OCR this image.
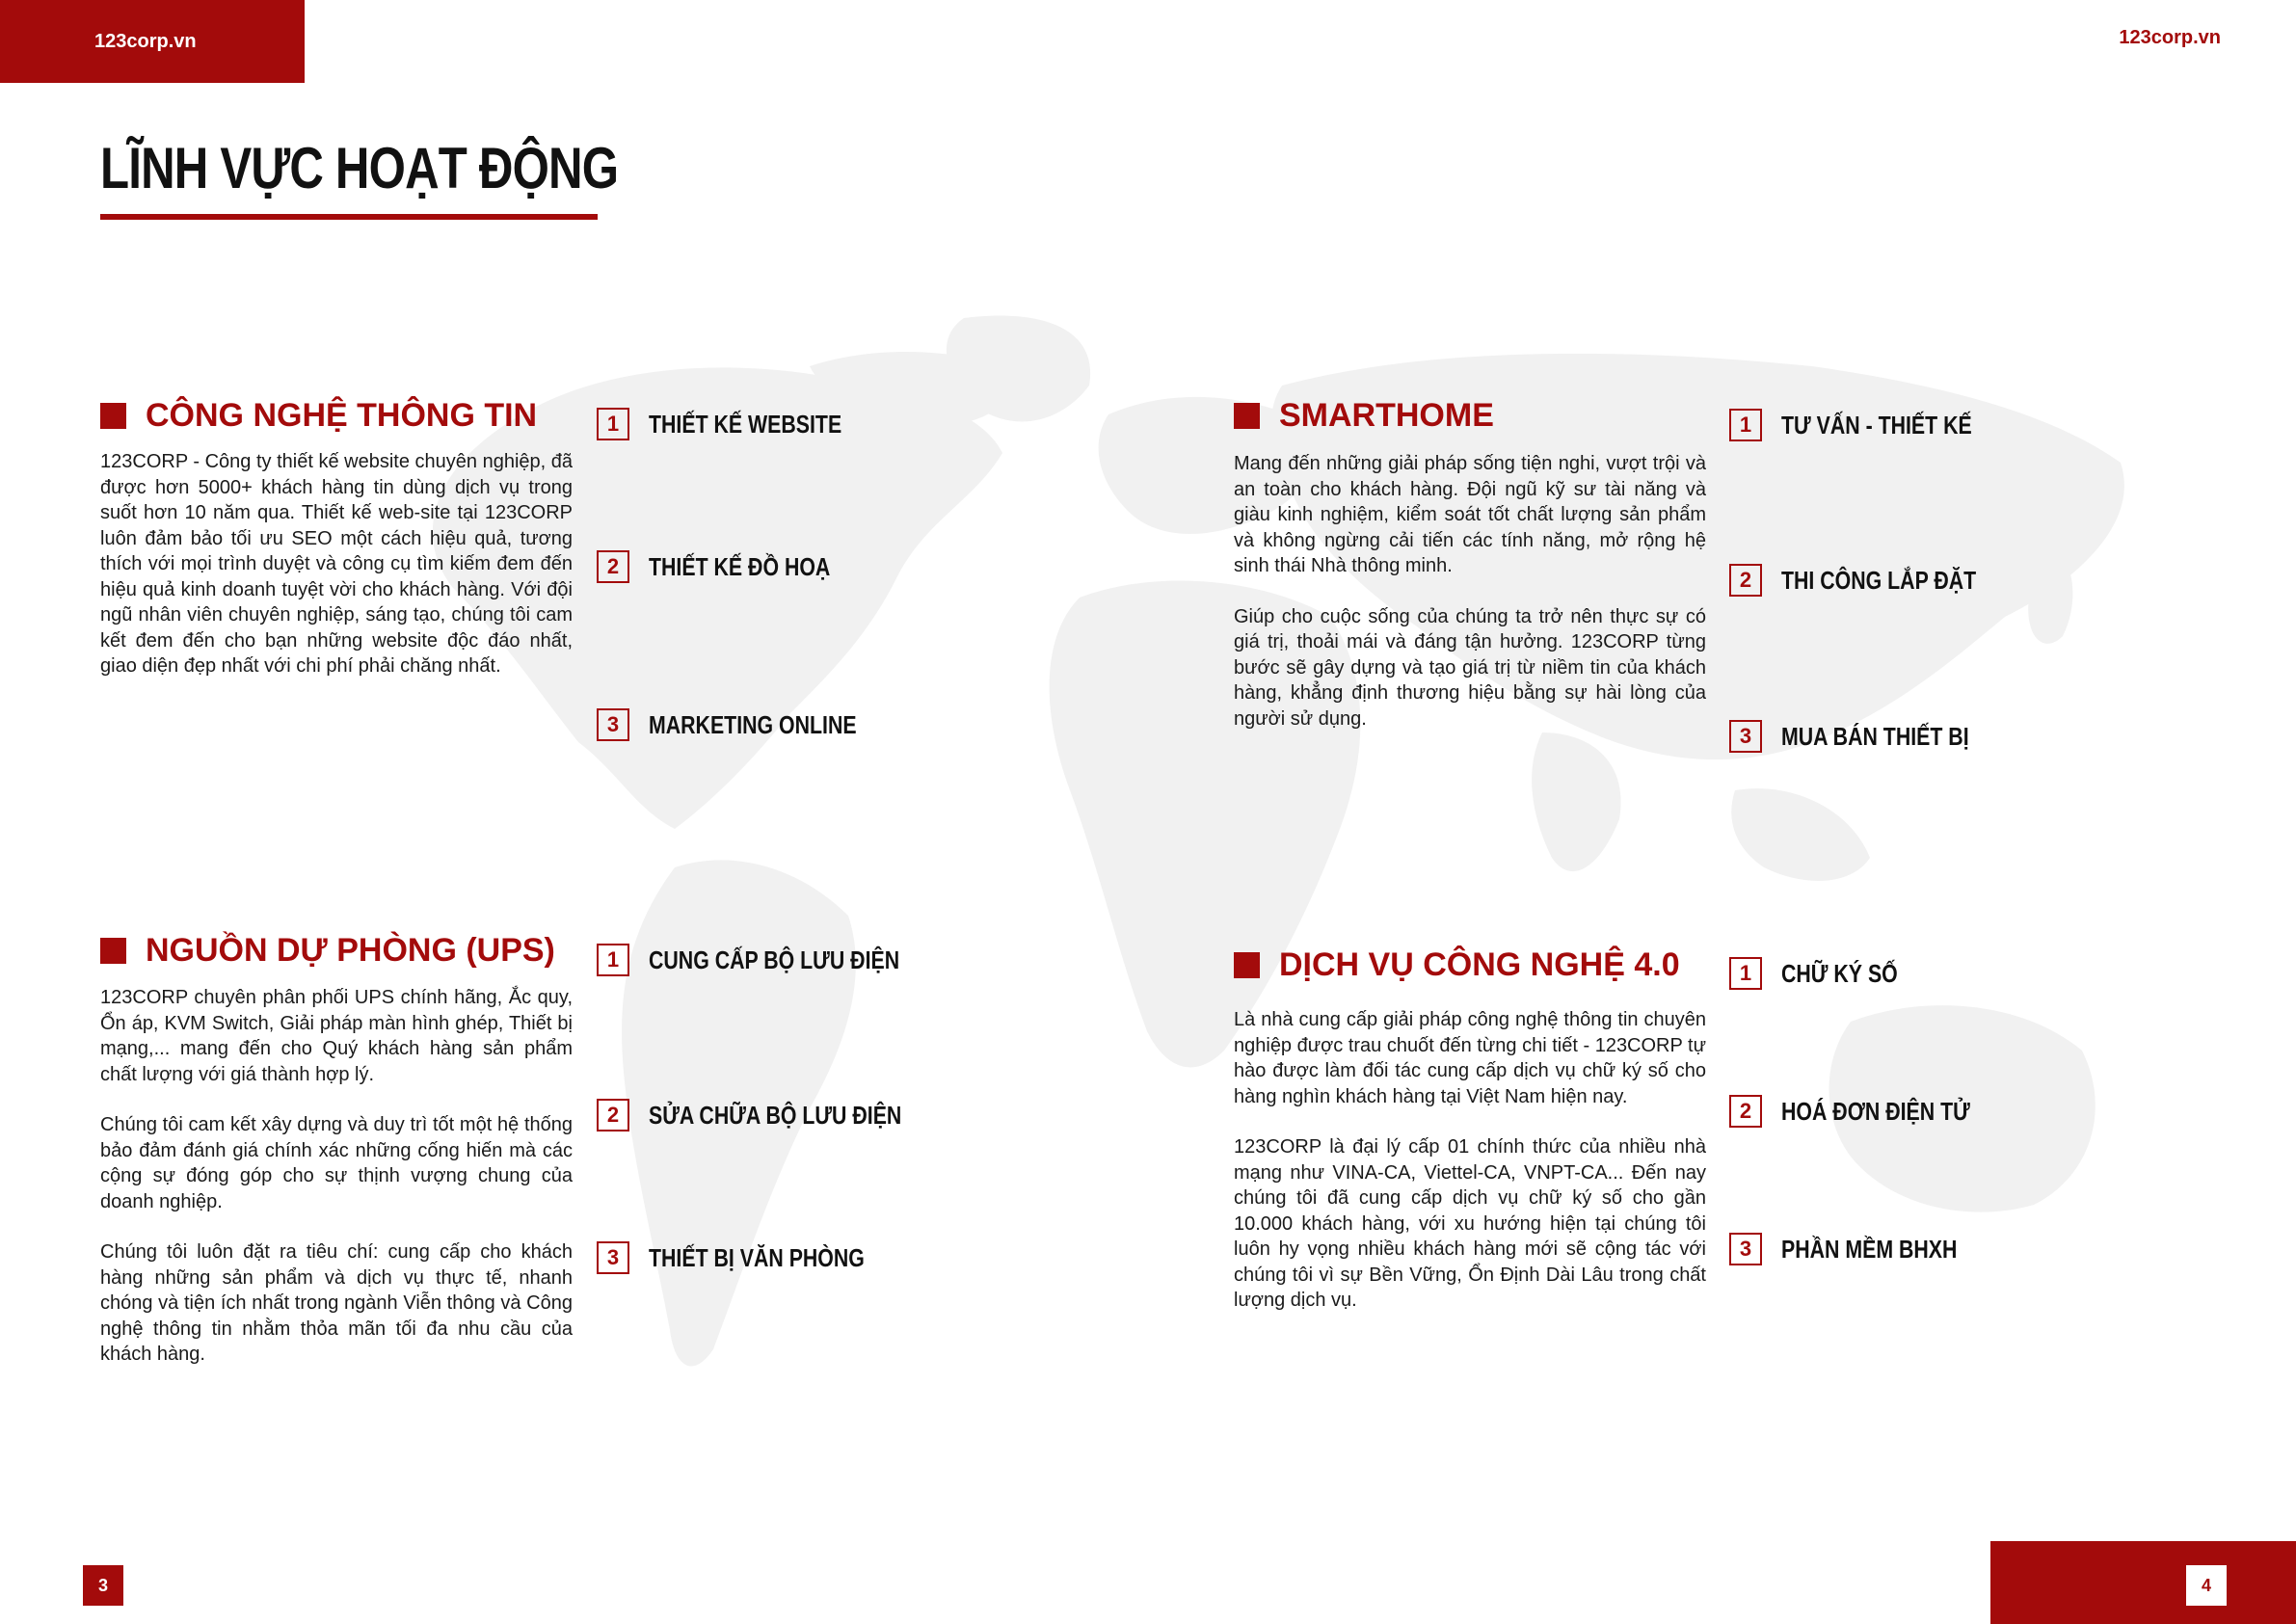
123corp.vn	123corp.vn
LĨNH VỰC HOẠT ĐỘNG
CÔNG NGHỆ THÔNG TIN

123CORP - Công ty thiết kế website chuyên nghiệp, đã được hơn 5000+ khách hàng tin dùng dịch vụ trong suốt hơn 10 năm qua. Thiết kế web-site tại 123CORP luôn đảm bảo tối ưu SEO một cách hiệu quả, tương thích với mọi trình duyệt và công cụ tìm kiếm đem đến hiệu quả kinh doanh tuyệt vời cho khách hàng. Với đội ngũ nhân viên chuyên nghiệp, sáng tạo, chúng tôi cam kết đem đến cho bạn những website độc đáo nhất, giao diện đẹp nhất với chi phí phải chăng nhất.

1	THIẾT KẾ WEBSITE
2	THIẾT KẾ ĐỒ HOẠ
3	MARKETING ONLINE
SMARTHOME

Mang đến những giải pháp sống tiện nghi, vượt trội và an toàn cho khách hàng. Đội ngũ kỹ sư tài năng và giàu kinh nghiệm, kiểm soát tốt chất lượng sản phẩm và không ngừng cải tiến các tính năng, mở rộng hệ sinh thái Nhà thông minh.

Giúp cho cuộc sống của chúng ta trở nên thực sự có giá trị, thoải mái và đáng tận hưởng. 123CORP từng bước sẽ gây dựng và tạo giá trị từ niềm tin của khách hàng, khẳng định thương hiệu bằng sự hài lòng của người sử dụng.

1	TƯ VẤN - THIẾT KẾ
2	THI CÔNG LẮP ĐẶT
3	MUA BÁN THIẾT BỊ
NGUỒN DỰ PHÒNG (UPS)

123CORP chuyên phân phối UPS chính hãng, Ắc quy, Ổn áp, KVM Switch, Giải pháp màn hình ghép, Thiết bị mạng,... mang đến cho Quý khách hàng sản phẩm chất lượng với giá thành hợp lý.

Chúng tôi cam kết xây dựng và duy trì tốt một hệ thống bảo đảm đánh giá chính xác những cống hiến mà các cộng sự đóng góp cho sự thịnh vượng chung của doanh nghiệp.

Chúng tôi luôn đặt ra tiêu chí: cung cấp cho khách hàng những sản phẩm và dịch vụ thực tế, nhanh chóng và tiện ích nhất trong ngành Viễn thông và Công nghệ thông tin nhằm thỏa mãn tối đa nhu cầu của khách hàng.

1	CUNG CẤP BỘ LƯU ĐIỆN
2	SỬA CHỮA BỘ LƯU ĐIỆN
3	THIẾT BỊ VĂN PHÒNG
DỊCH VỤ CÔNG NGHỆ 4.0

Là nhà cung cấp giải pháp công nghệ thông tin chuyên nghiệp được trau chuốt đến từng chi tiết - 123CORP tự hào được làm đối tác cung cấp dịch vụ chữ ký số cho hàng nghìn khách hàng tại Việt Nam hiện nay.

123CORP là đại lý cấp 01 chính thức của nhiều nhà mạng như VINA-CA, Viettel-CA, VNPT-CA... Đến nay chúng tôi đã cung cấp dịch vụ chữ ký số cho gần 10.000 khách hàng, với xu hướng hiện tại chúng tôi luôn hy vọng nhiều khách hàng mới sẽ cộng tác với chúng tôi vì sự Bền Vững, Ổn Định Dài Lâu trong chất lượng dịch vụ.

1	CHỮ KÝ SỐ
2	HOÁ ĐƠN ĐIỆN TỬ
3	PHẦN MỀM BHXH
3	4
